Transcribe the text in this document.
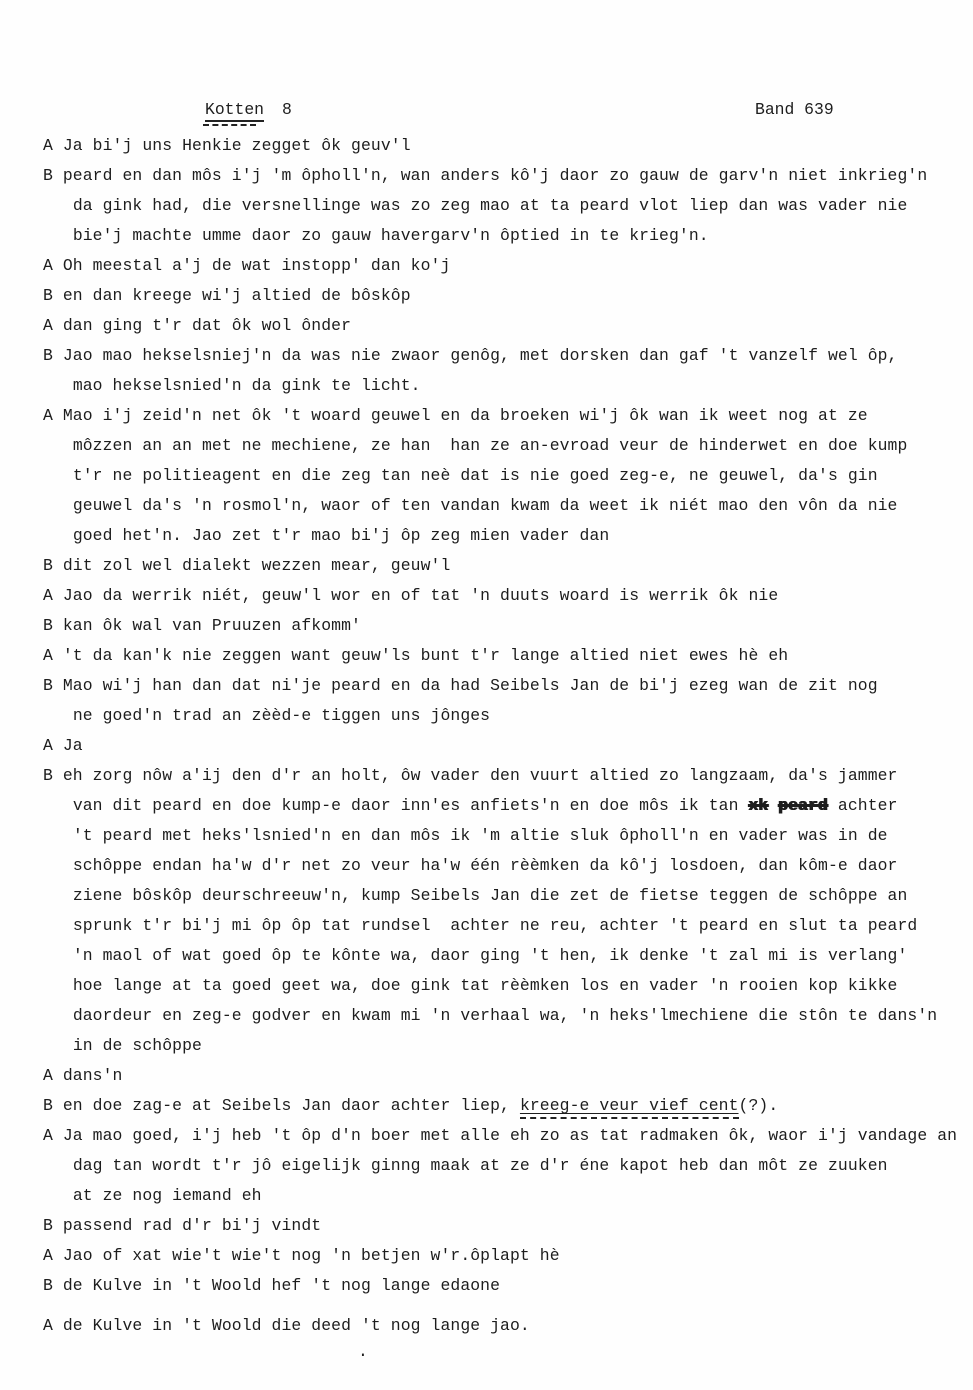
Kotten 8	Band 639
A Ja bi'j uns Henkie zegget ôk geuv'l
B peard en dan môs i'j 'm ôpholl'n, wan anders kô'j daor zo gauw de garv'n niet inkrieg'n
da gink had, die versnellinge was zo zeg mao at ta peard vlot liep dan was vader nie
bie'j machte umme daor zo gauw havergarv'n ôptied in te krieg'n.
A Oh meestal a'j de wat instopp' dan ko'j
B en dan kreege wi'j altied de bôskôp
A dan ging t'r dat ôk wol ônder
B Jao mao hekselsniej'n da was nie zwaor genôg, met dorsken dan gaf 't vanzelf wel ôp,
mao hekselsnied'n da gink te licht.
A Mao i'j zeid'n net ôk 't woard geuwel en da broeken wi'j ôk wan ik weet nog at ze
môzzen an an met ne mechiene, ze han  han ze an-evroad veur de hinderwet en doe kump
t'r ne politieagent en die zeg tan neè dat is nie goed zeg-e, ne geuwel, da's gin
geuwel da's 'n rosmol'n, waor of ten vandan kwam da weet ik niét mao den vôn da nie
goed het'n. Jao zet t'r mao bi'j ôp zeg mien vader dan
B dit zol wel dialekt wezzen mear, geuw'l
A Jao da werrik niét, geuw'l wor en of tat 'n duuts woard is werrik ôk nie
B kan ôk wal van Pruuzen afkomm'
A 't da kan'k nie zeggen want geuw'ls bunt t'r lange altied niet ewes hè eh
B Mao wi'j han dan dat ni'je peard en da had Seibels Jan de bi'j ezeg wan de zit nog
ne goed'n trad an zèèd-e tiggen uns jônges
A Ja
B eh zorg nôw a'ij den d'r an holt, ôw vader den vuurt altied zo langzaam, da's jammer
van dit peard en doe kump-e daor inn'es anfiets'n en doe môs ik tan xk peard achter
't peard met heks'lsnied'n en dan môs ik 'm altie sluk ôpholl'n en vader was in de
schôppe endan ha'w d'r net zo veur ha'w één rèèmken da kô'j losdoen, dan kôm-e daor
ziene bôskôp deurschreeuw'n, kump Seibels Jan die zet de fietse teggen de schôppe an
sprunk t'r bi'j mi ôp ôp tat rundsel  achter ne reu, achter 't peard en slut ta peard
'n maol of wat goed ôp te kônte wa, daor ging 't hen, ik denke 't zal mi is verlang'
hoe lange at ta goed geet wa, doe gink tat rèèmken los en vader 'n rooien kop kikke
daordeur en zeg-e godver en kwam mi 'n verhaal wa, 'n heks'lmechiene die stôn te dans'n
in de schôppe
A dans'n
B en doe zag-e at Seibels Jan daor achter liep, kreeg-e veur vief cent(?).
A Ja mao goed, i'j heb 't ôp d'n boer met alle eh zo as tat radmaken ôk, waor i'j vandage an
dag tan wordt t'r jô eigelijk ginng maak at ze d'r éne kapot heb dan môt ze zuuken
at ze nog iemand eh
B passend rad d'r bi'j vindt
A Jao of xat wie't wie't nog 'n betjen w'r.ôplapt hè
B de Kulve in 't Woold hef 't nog lange edaone
A de Kulve in 't Woold die deed 't nog lange jao.
.
